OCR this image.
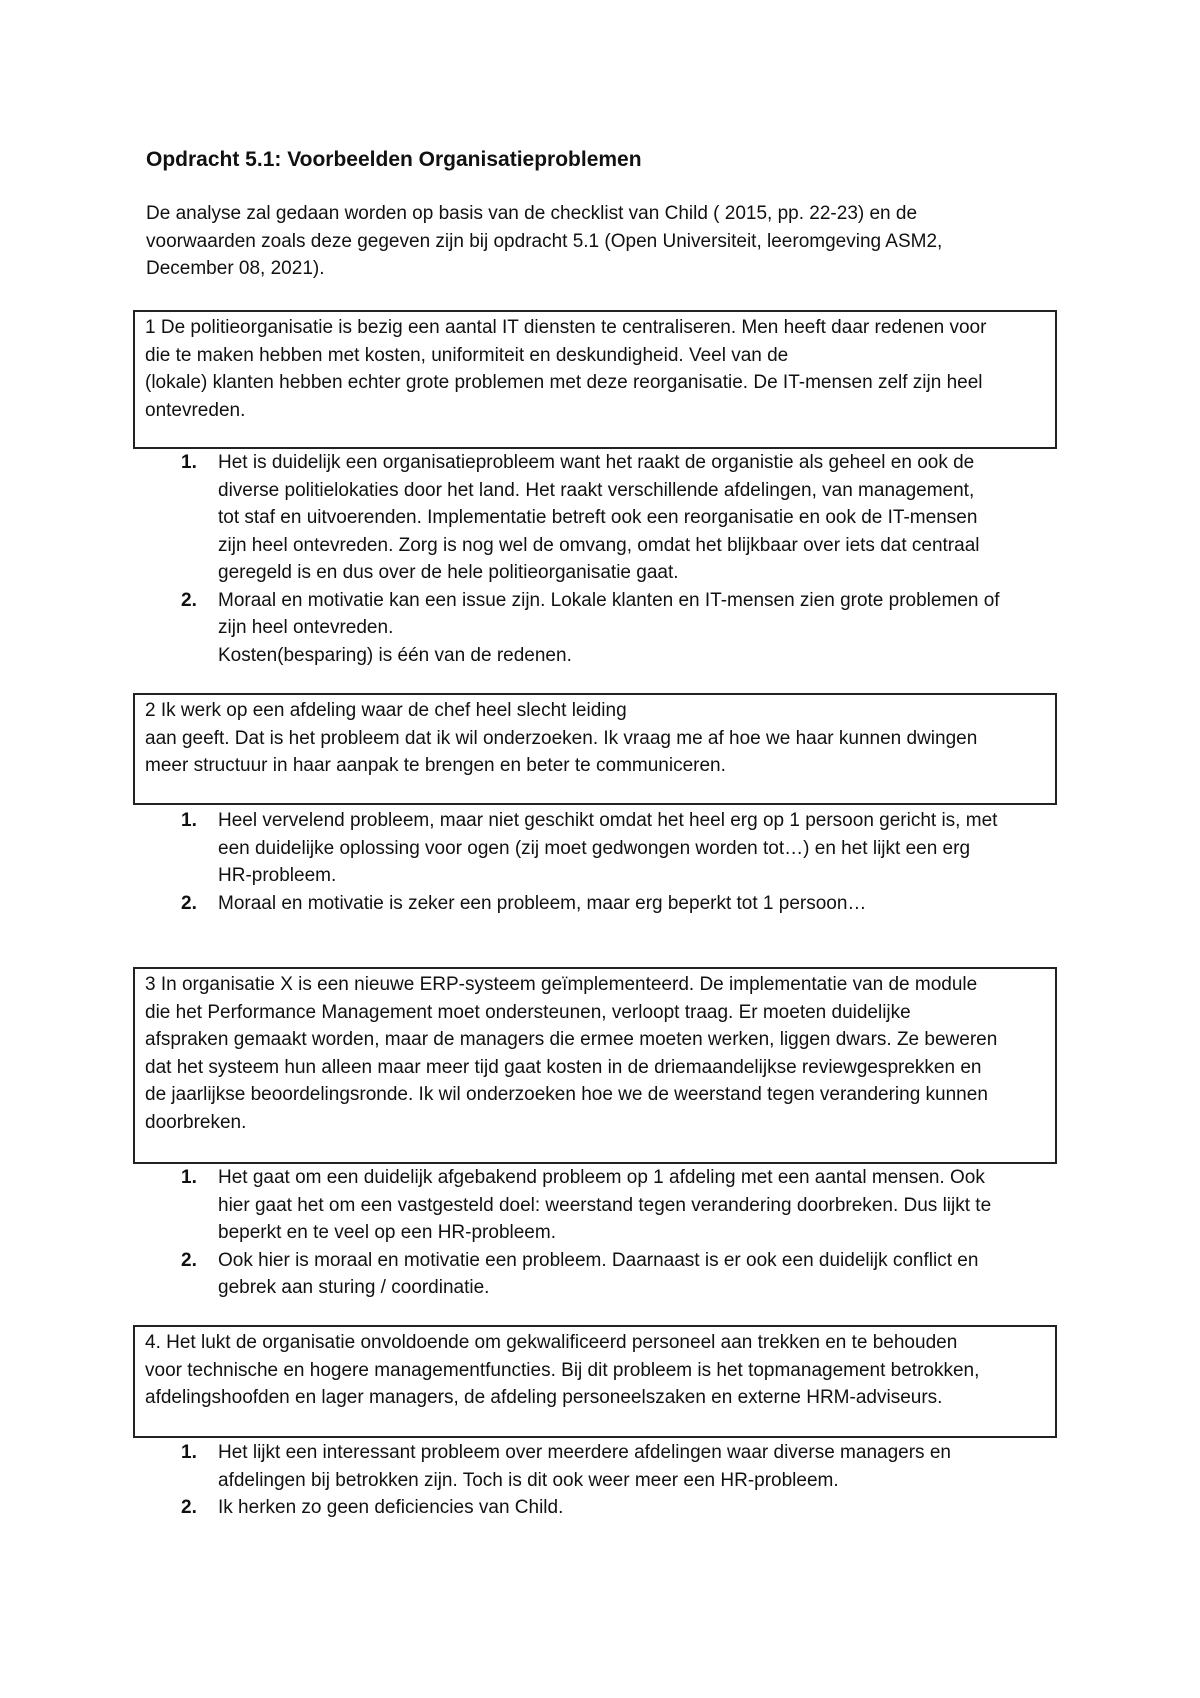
Opdracht 5.1: Voorbeelden Organisatieproblemen

De analyse zal gedaan worden op basis van de checklist van Child ( 2015, pp. 22-23) en de
voorwaarden zoals deze gegeven zijn bij opdracht 5.1 (Open Universiteit, leeromgeving ASM2,
December 08, 2021).

1 De politieorganisatie is bezig een aantal IT diensten te centraliseren. Men heeft daar redenen voor
die te maken hebben met kosten, uniformiteit en deskundigheid. Veel van de
(lokale) klanten hebben echter grote problemen met deze reorganisatie. De IT-mensen zelf zijn heel
ontevreden.

1. Het is duidelijk een organisatieprobleem want het raakt de organistie als geheel en ook de
diverse politielokaties door het land. Het raakt verschillende afdelingen, van management,
tot staf en uitvoerenden. Implementatie betreft ook een reorganisatie en ook de IT-mensen
zijn heel ontevreden. Zorg is nog wel de omvang, omdat het blijkbaar over iets dat centraal
geregeld is en dus over de hele politieorganisatie gaat.
2. Moraal en motivatie kan een issue zijn. Lokale klanten en IT-mensen zien grote problemen of
zijn heel ontevreden.
Kosten(besparing) is één van de redenen.

2 Ik werk op een afdeling waar de chef heel slecht leiding
aan geeft. Dat is het probleem dat ik wil onderzoeken. Ik vraag me af hoe we haar kunnen dwingen
meer structuur in haar aanpak te brengen en beter te communiceren.

1. Heel vervelend probleem, maar niet geschikt omdat het heel erg op 1 persoon gericht is, met
een duidelijke oplossing voor ogen (zij moet gedwongen worden tot…) en het lijkt een erg
HR-probleem.
2. Moraal en motivatie is zeker een probleem, maar erg beperkt tot 1 persoon…

3 In organisatie X is een nieuwe ERP-systeem geïmplementeerd. De implementatie van de module
die het Performance Management moet ondersteunen, verloopt traag. Er moeten duidelijke
afspraken gemaakt worden, maar de managers die ermee moeten werken, liggen dwars. Ze beweren
dat het systeem hun alleen maar meer tijd gaat kosten in de driemaandelijkse reviewgesprekken en
de jaarlijkse beoordelingsronde. Ik wil onderzoeken hoe we de weerstand tegen verandering kunnen
doorbreken.

1. Het gaat om een duidelijk afgebakend probleem op 1 afdeling met een aantal mensen. Ook
hier gaat het om een vastgesteld doel: weerstand tegen verandering doorbreken. Dus lijkt te
beperkt en te veel op een HR-probleem.
2. Ook hier is moraal en motivatie een probleem. Daarnaast is er ook een duidelijk conflict en
gebrek aan sturing / coordinatie.

4. Het lukt de organisatie onvoldoende om gekwalificeerd personeel aan trekken en te behouden
voor technische en hogere managementfuncties. Bij dit probleem is het topmanagement betrokken,
afdelingshoofden en lager managers, de afdeling personeelszaken en externe HRM-adviseurs.

1. Het lijkt een interessant probleem over meerdere afdelingen waar diverse managers en
afdelingen bij betrokken zijn. Toch is dit ook weer meer een HR-probleem.
2. Ik herken zo geen deficiencies van Child.
